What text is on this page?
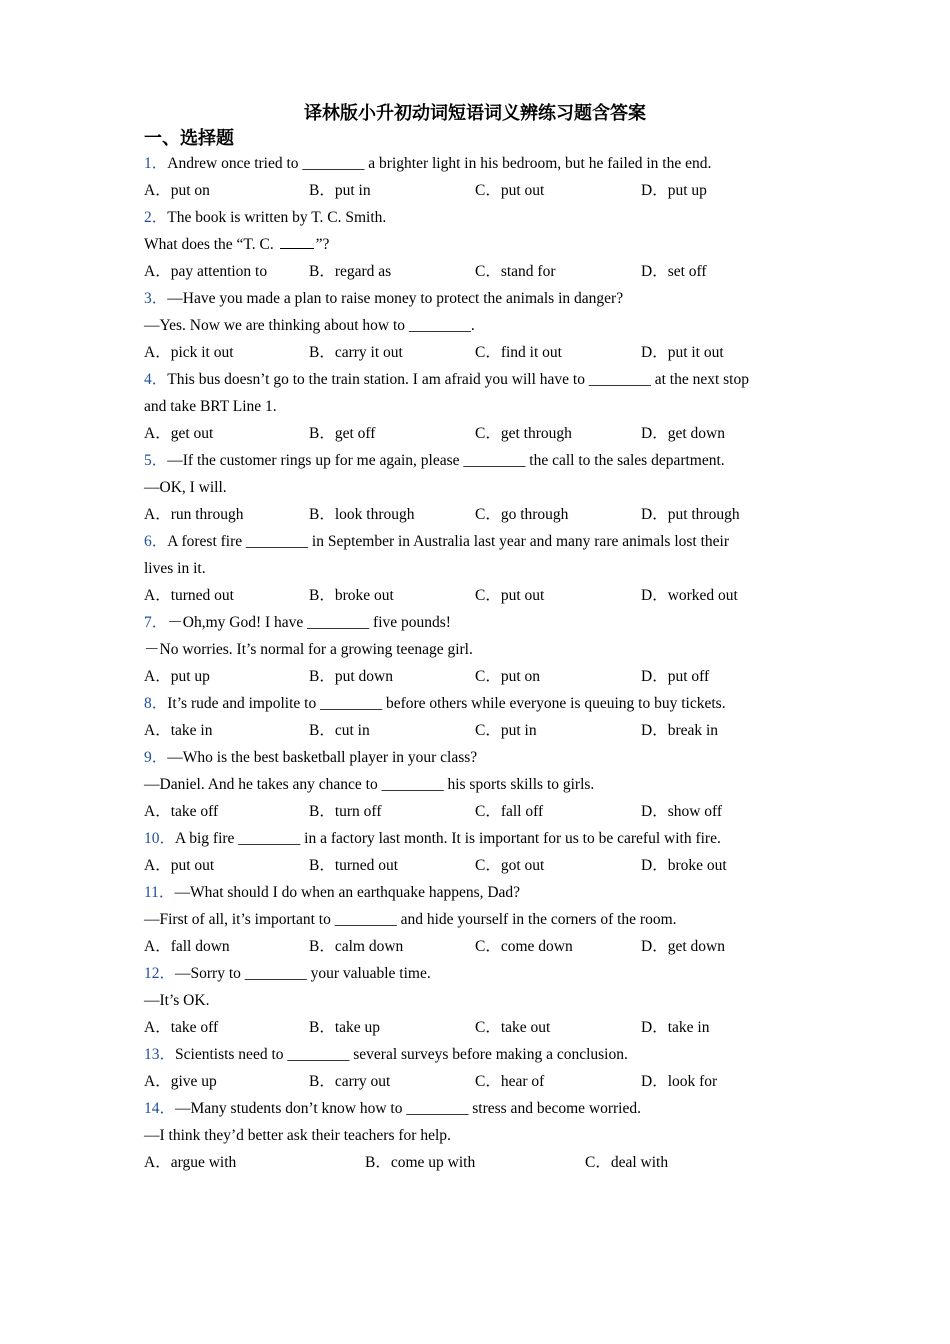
译林版小升初动词短语词义辨练习题含答案
一、选择题
1．Andrew once tried to ________ a brighter light in his bedroom, but he failed in the end.
A．put on	B．put in	C．put out	D．put up
2．The book is written by T. C. Smith.
What does the “T. C. ”?
A．pay attention to	B．regard as	C．stand for	D．set off
3．—Have you made a plan to raise money to protect the animals in danger?
—Yes. Now we are thinking about how to ________.
A．pick it out	B．carry it out	C．find it out	D．put it out
4．This bus doesn’t go to the train station. I am afraid you will have to ________ at the next stop
and take BRT Line 1.
A．get out	B．get off	C．get through	D．get down
5．—If the customer rings up for me again, please ________ the call to the sales department.
—OK, I will.
A．run through	B．look through	C．go through	D．put through
6．A forest fire ________ in September in Australia last year and many rare animals lost their
lives in it.
A．turned out	B．broke out	C．put out	D．worked out
7．－Oh,my God! I have ________ five pounds!
－No worries. It’s normal for a growing teenage girl.
A．put up	B．put down	C．put on	D．put off
8．It’s rude and impolite to ________ before others while everyone is queuing to buy tickets.
A．take in	B．cut in	C．put in	D．break in
9．—Who is the best basketball player in your class?
—Daniel. And he takes any chance to ________ his sports skills to girls.
A．take off	B．turn off	C．fall off	D．show off
10．A big fire ________ in a factory last month. It is important for us to be careful with fire.
A．put out	B．turned out	C．got out	D．broke out
11．—What should I do when an earthquake happens, Dad?
—First of all, it’s important to ________ and hide yourself in the corners of the room.
A．fall down	B．calm down	C．come down	D．get down
12．—Sorry to ________ your valuable time.
—It’s OK.
A．take off	B．take up	C．take out	D．take in
13．Scientists need to ________ several surveys before making a conclusion.
A．give up	B．carry out	C．hear of	D．look for
14．—Many students don’t know how to ________ stress and become worried.
—I think they’d better ask their teachers for help.
A．argue with	B．come up with	C．deal with
